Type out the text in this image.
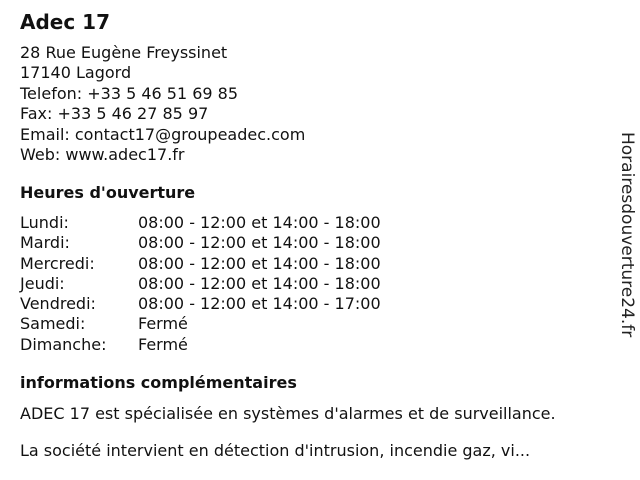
Adec 17
28 Rue Eugène Freyssinet
17140 Lagord
Telefon: +33 5 46 51 69 85
Fax: +33 5 46 27 85 97
Email: contact17@groupeadec.com
Web: www.adec17.fr
Heures d'ouverture
Lundi:	08:00 - 12:00 et 14:00 - 18:00
Mardi:	08:00 - 12:00 et 14:00 - 18:00
Mercredi:	08:00 - 12:00 et 14:00 - 18:00
Jeudi:	08:00 - 12:00 et 14:00 - 18:00
Vendredi:	08:00 - 12:00 et 14:00 - 17:00
Samedi:	Fermé
Dimanche: Fermé
informations complémentaires
ADEC 17 est spécialisée en systèmes d'alarmes et de surveillance.
La société intervient en détection d'intrusion, incendie gaz, vi...
Horairesdouverture24.fr
